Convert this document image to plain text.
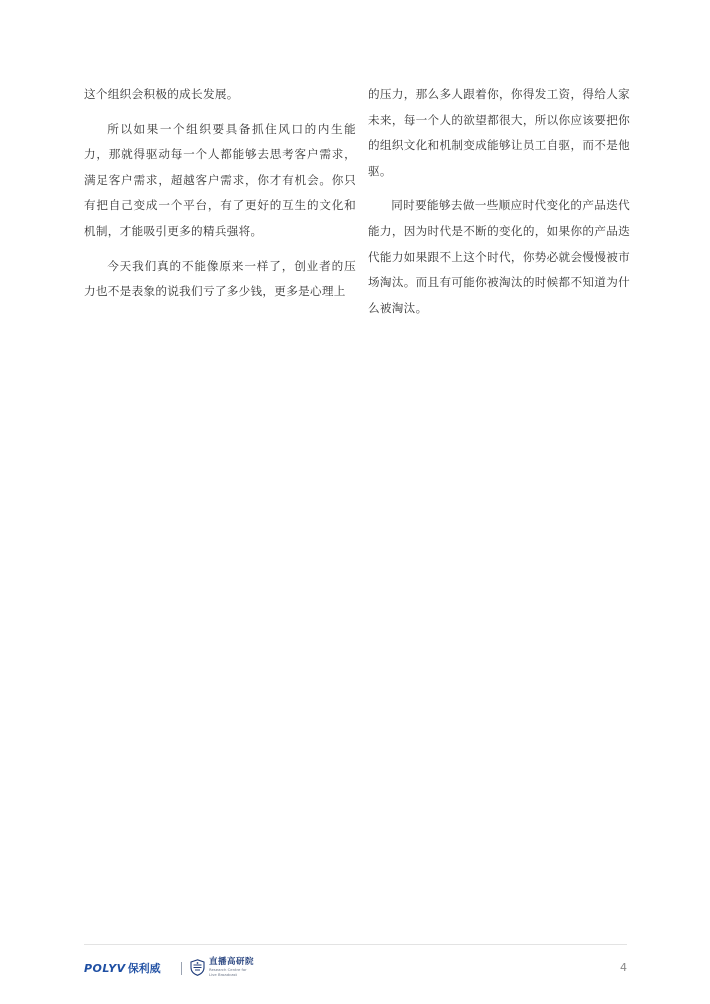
这个组织会积极的成长发展。

所以如果一个组织要具备抓住风口的内生能力，那就得驱动每一个人都能够去思考客户需求，满足客户需求，超越客户需求，你才有机会。你只有把自己变成一个平台，有了更好的互生的文化和机制，才能吸引更多的精兵强将。

今天我们真的不能像原来一样了，创业者的压力也不是表象的说我们亏了多少钱，更多是心理上

的压力，那么多人跟着你，你得发工资，得给人家未来，每一个人的欲望都很大，所以你应该要把你的组织文化和机制变成能够让员工自驱，而不是他驱。

同时要能够去做一些顺应时代变化的产品迭代能力，因为时代是不断的变化的，如果你的产品迭代能力如果跟不上这个时代，你势必就会慢慢被市场淘汰。而且有可能你被淘汰的时候都不知道为什么被淘汰。

POLYV 保利威	直播高研院
Research Centre for
Live Broadcast
4
